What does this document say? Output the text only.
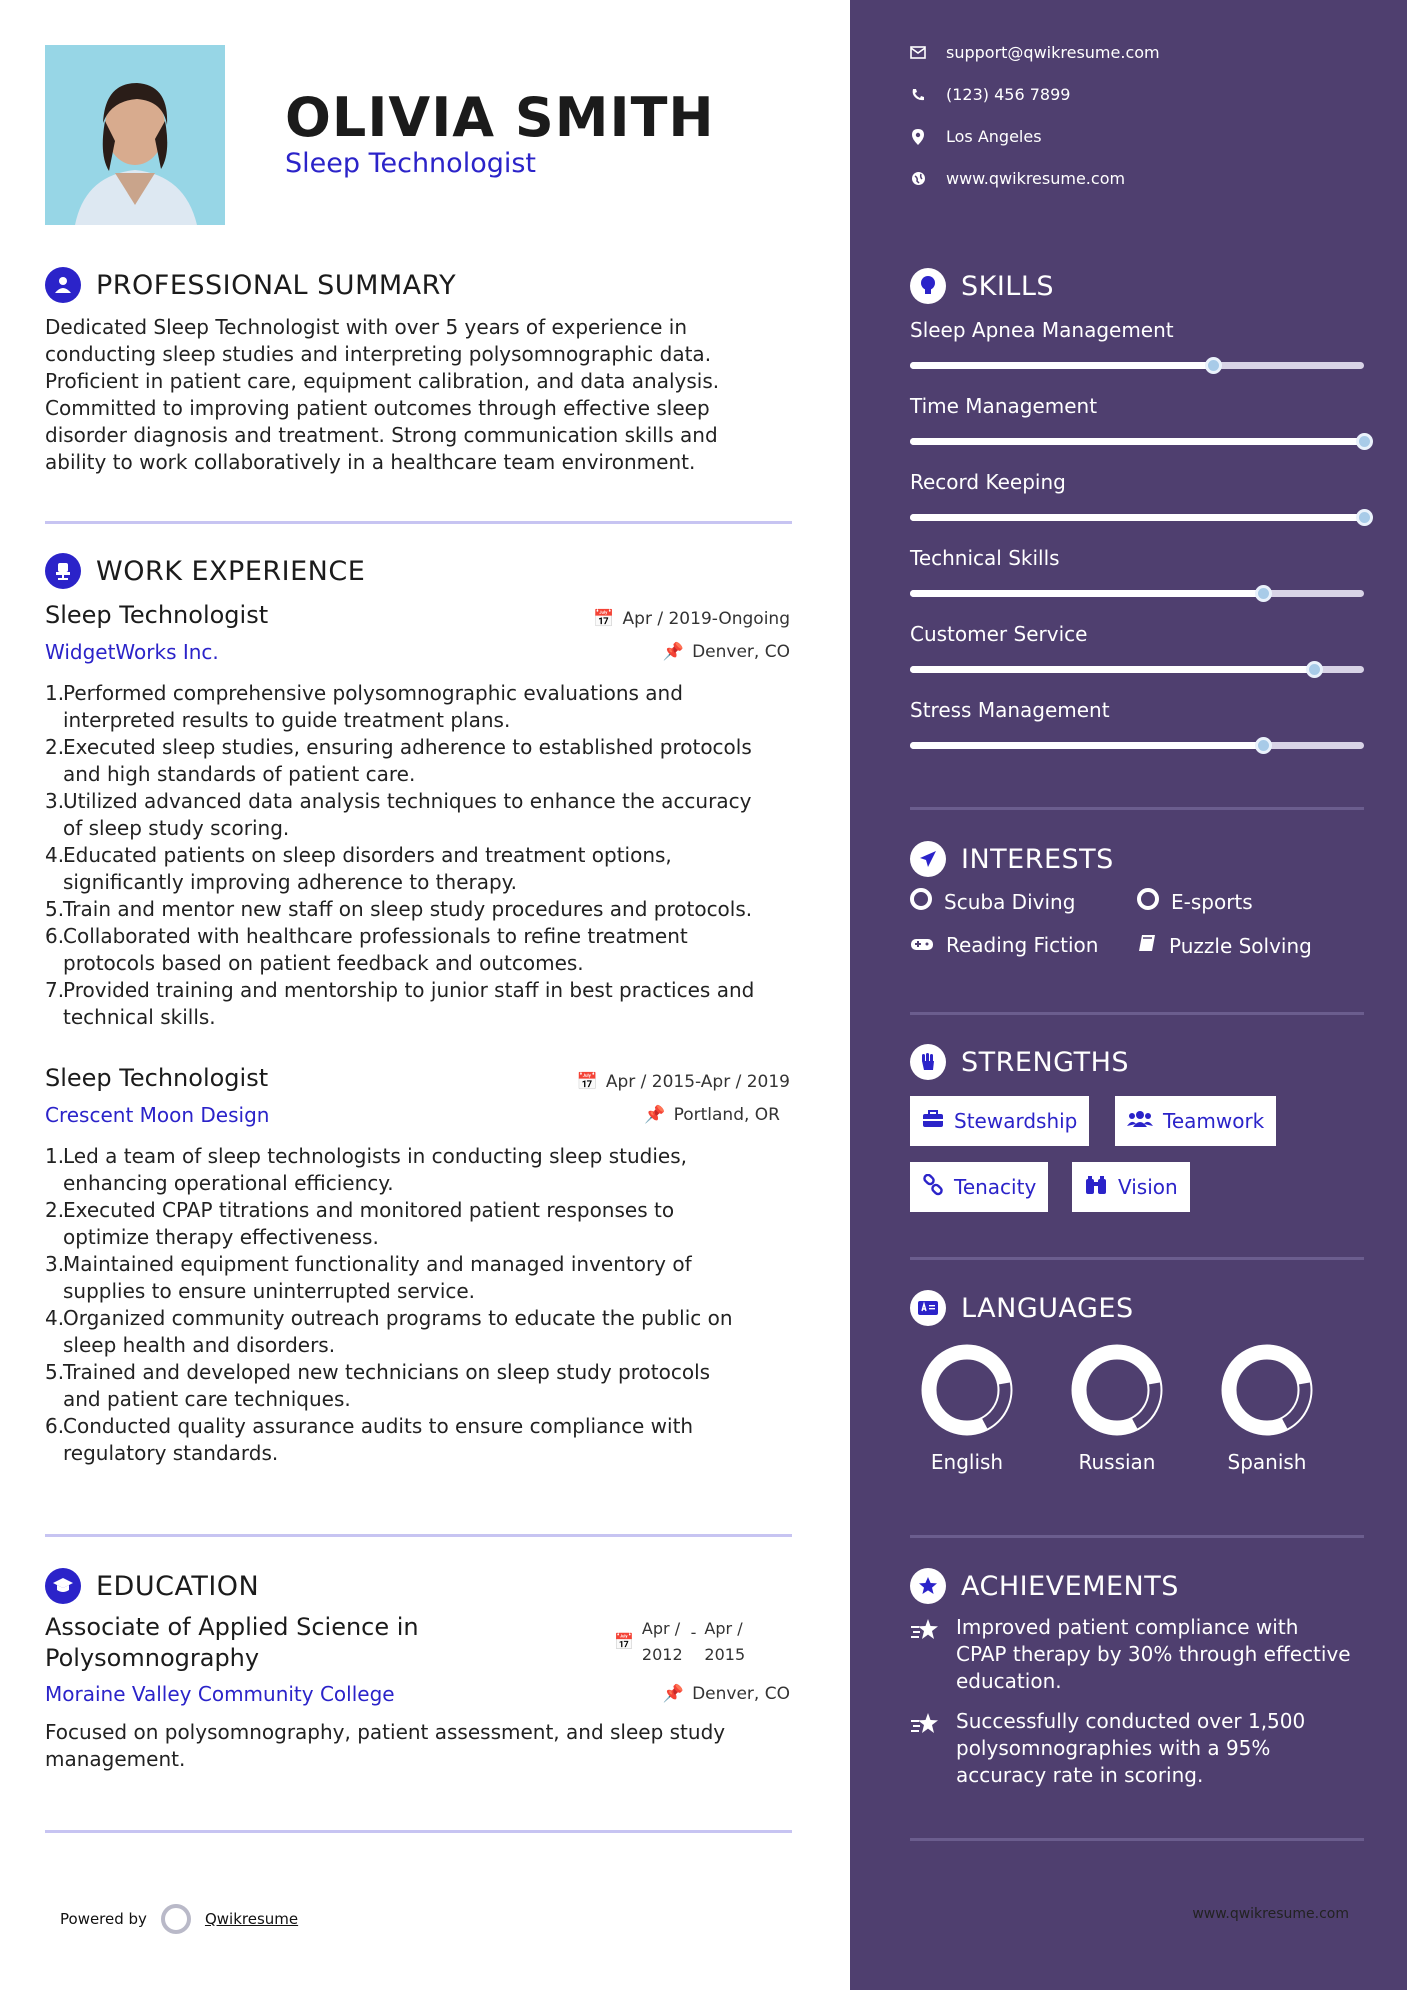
OLIVIA SMITH
Sleep Technologist
PROFESSIONAL SUMMARY
Dedicated Sleep Technologist with over 5 years of experience in
conducting sleep studies and interpreting polysomnographic data.
Proficient in patient care, equipment calibration, and data analysis.
Committed to improving patient outcomes through effective sleep
disorder diagnosis and treatment. Strong communication skills and
ability to work collaboratively in a healthcare team environment.
WORK EXPERIENCE
Sleep Technologist	📅 Apr / 2019-Ongoing
WidgetWorks Inc.	📌 Denver, CO
1.
Performed comprehensive polysomnographic evaluations and
interpreted results to guide treatment plans.
2.
Executed sleep studies, ensuring adherence to established protocols
and high standards of patient care.
3.
Utilized advanced data analysis techniques to enhance the accuracy
of sleep study scoring.
4.
Educated patients on sleep disorders and treatment options,
significantly improving adherence to therapy.
5.
Train and mentor new staff on sleep study procedures and protocols.
6.
Collaborated with healthcare professionals to refine treatment
protocols based on patient feedback and outcomes.
7.
Provided training and mentorship to junior staff in best practices and
technical skills.
Sleep Technologist	📅 Apr / 2015-Apr / 2019
Crescent Moon Design	📌 Portland, OR
1.
Led a team of sleep technologists in conducting sleep studies,
enhancing operational efficiency.
2.
Executed CPAP titrations and monitored patient responses to
optimize therapy effectiveness.
3.
Maintained equipment functionality and managed inventory of
supplies to ensure uninterrupted service.
4.
Organized community outreach programs to educate the public on
sleep health and disorders.
5.
Trained and developed new technicians on sleep study protocols
and patient care techniques.
6.
Conducted quality assurance audits to ensure compliance with
regulatory standards.
EDUCATION
Associate of Applied Science in
Polysomnography
📅
Apr /
2012
- Apr /
2015
Moraine Valley Community College	📌 Denver, CO
Focused on polysomnography, patient assessment, and sleep study
management.
Powered by	Qwikresume
support@qwikresume.com
(123) 456 7899
Los Angeles
www.qwikresume.com
SKILLS
Sleep Apnea Management
Time Management
Record Keeping
Technical Skills
Customer Service
Stress Management
INTERESTS
Scuba Diving	E-sports
Reading Fiction	Puzzle Solving
STRENGTHS
Stewardship	Teamwork
Tenacity	Vision
LANGUAGES
English	Russian	Spanish
ACHIEVEMENTS
Improved patient compliance with
CPAP therapy by 30% through effective
education.
Successfully conducted over 1,500
polysomnographies with a 95%
accuracy rate in scoring.
www.qwikresume.com
